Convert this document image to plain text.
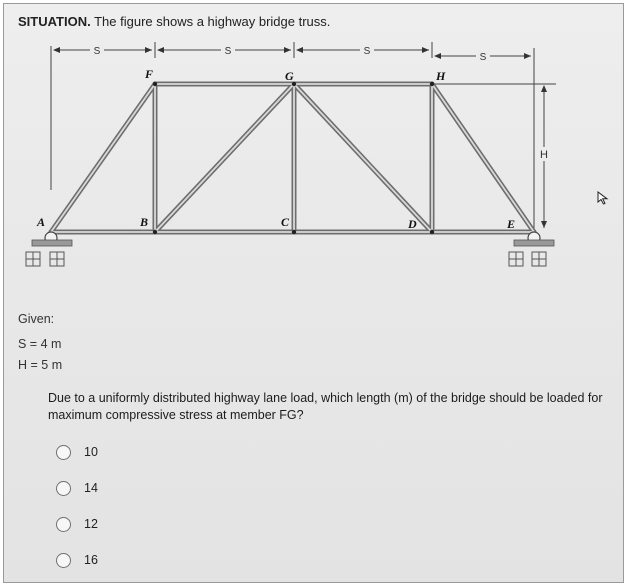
SITUATION. The figure shows a highway bridge truss.
S	S	S
S
H
A	B	C	D	E
F	G	H
Given:
S = 4 m
H = 5 m
Due to a uniformly distributed highway lane load, which length (m) of the bridge should be loaded for maximum compressive stress at member FG?
10
14
12
16
